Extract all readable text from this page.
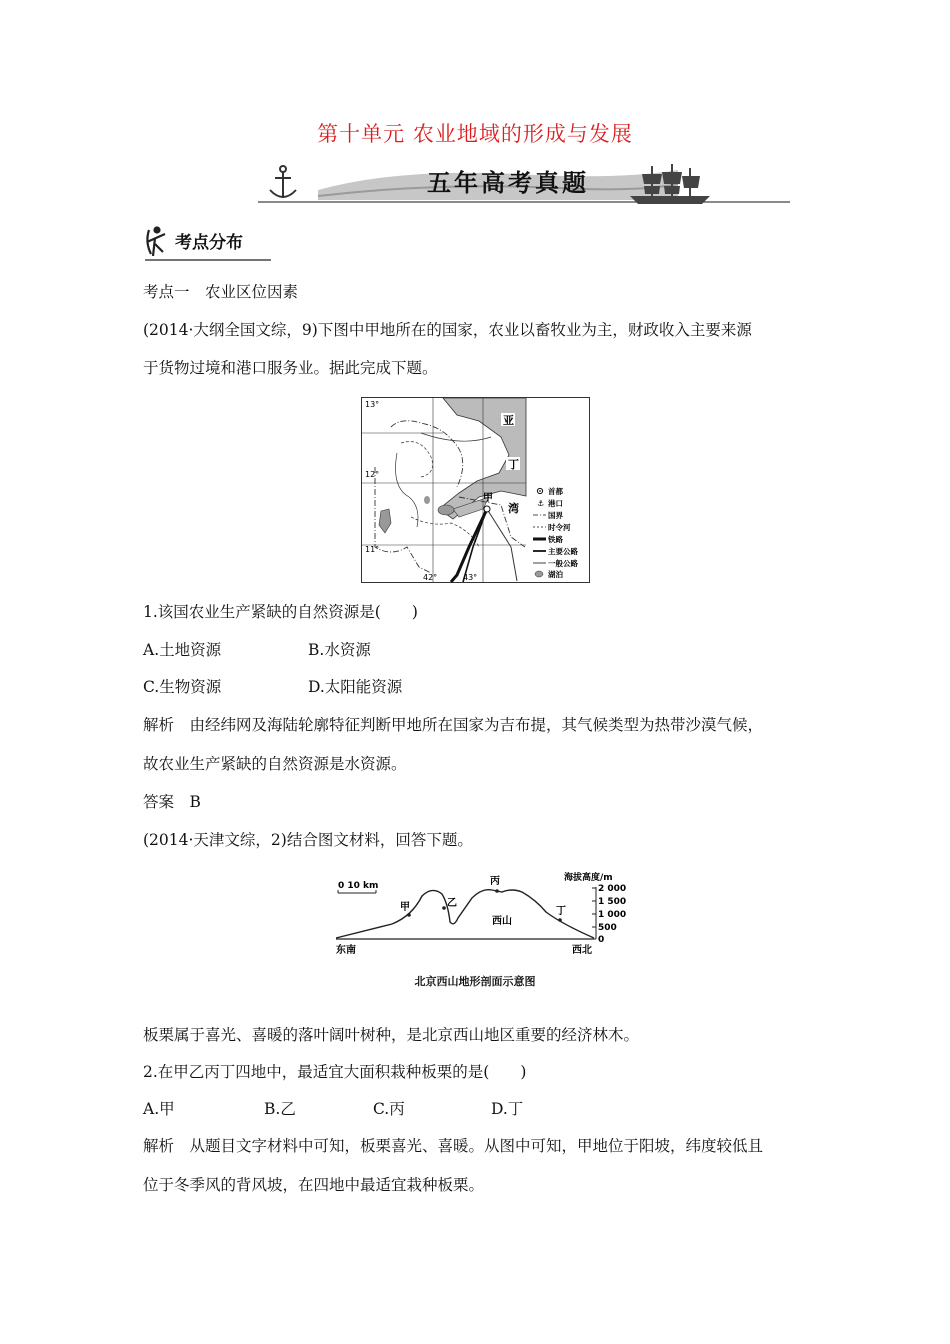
第十单元 农业地域的形成与发展
五年高考真题
考点分布
考点一　农业区位因素
(2014·大纲全国文综，9)下图中甲地所在的国家，农业以畜牧业为主，财政收入主要来源
于货物过境和港口服务业。据此完成下题。
13°
12°
11°
42°	43°
亚
丁
湾
甲
首都
⚓ 港口
国界
时令河
铁路
主要公路
一般公路
湖泊
1.该国农业生产紧缺的自然资源是(　　)
A.土地资源	B.水资源
C.生物资源	D.太阳能资源
解析　由经纬网及海陆轮廓特征判断甲地所在国家为吉布提，其气候类型为热带沙漠气候，
故农业生产紧缺的自然资源是水资源。
答案　B
(2014·天津文综，2)结合图文材料，回答下题。
海拔高度/m
2 000
1 500
1 000
500
0
0 10 km
甲	乙
丙
丁
西山
东南	西北
北京西山地形剖面示意图
板栗属于喜光、喜暖的落叶阔叶树种，是北京西山地区重要的经济林木。
2.在甲乙丙丁四地中，最适宜大面积栽种板栗的是(　　)
A.甲	B.乙	C.丙	D.丁
解析　从题目文字材料中可知，板栗喜光、喜暖。从图中可知，甲地位于阳坡，纬度较低且
位于冬季风的背风坡，在四地中最适宜栽种板栗。
